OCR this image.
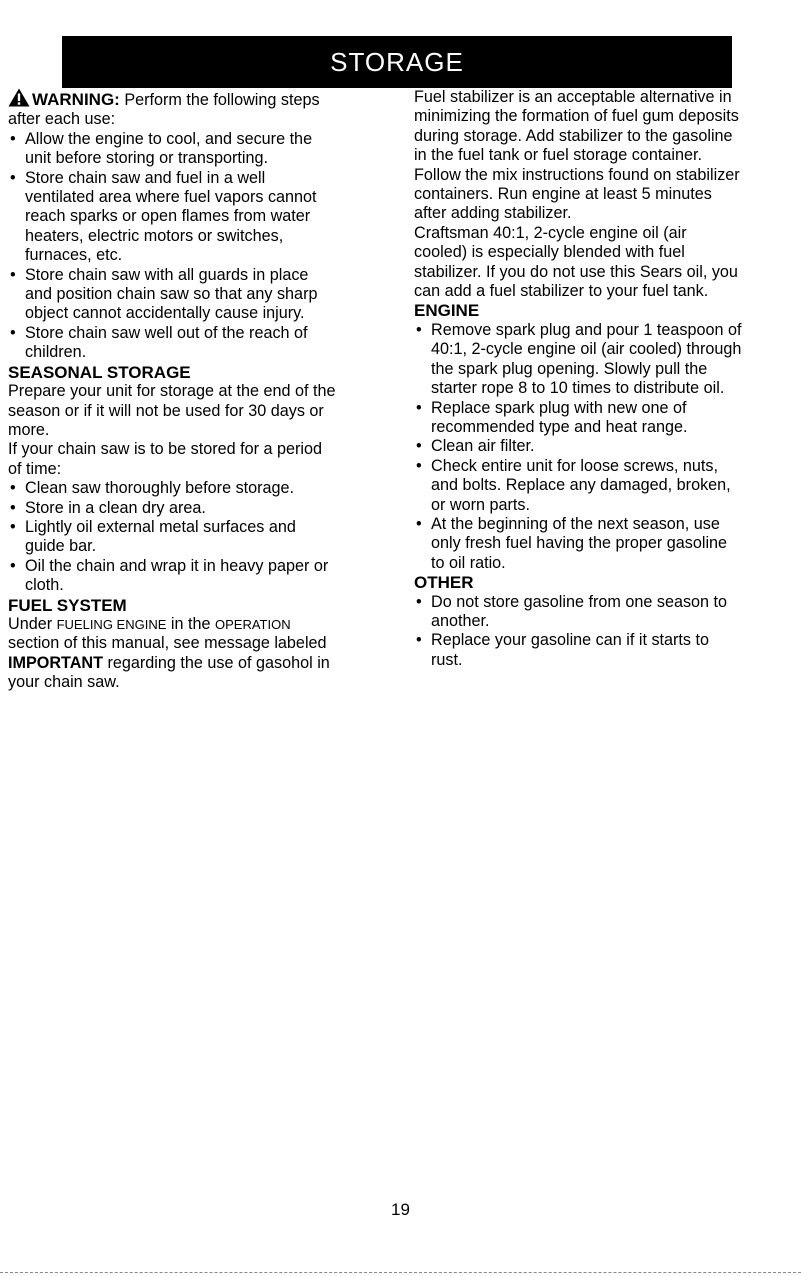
STORAGE

WARNING: Perform the following steps after each use:

• Allow the engine to cool, and secure the unit before storing or transporting.
• Store chain saw and fuel in a well ventilated area where fuel vapors cannot reach sparks or open flames from water heaters, electric motors or switches, furnaces, etc.
• Store chain saw with all guards in place and position chain saw so that any sharp object cannot accidentally cause injury.
• Store chain saw well out of the reach of children.
SEASONAL STORAGE

Prepare your unit for storage at the end of the season or if it will not be used for 30 days or more.

If your chain saw is to be stored for a period of time:

• Clean saw thoroughly before storage.
• Store in a clean dry area.
• Lightly oil external metal surfaces and guide bar.
• Oil the chain and wrap it in heavy paper or cloth.
FUEL SYSTEM

Under FUELING ENGINE in the OPERATION section of this manual, see message labeled IMPORTANT regarding the use of gasohol in your chain saw.

Fuel stabilizer is an acceptable alternative in minimizing the formation of fuel gum deposits during storage. Add stabilizer to the gasoline in the fuel tank or fuel storage container. Follow the mix instructions found on stabilizer containers. Run engine at least 5 minutes after adding stabilizer.

Craftsman 40:1, 2-cycle engine oil (air cooled) is especially blended with fuel stabilizer. If you do not use this Sears oil, you can add a fuel stabilizer to your fuel tank.

ENGINE
• Remove spark plug and pour 1 teaspoon of 40:1, 2-cycle engine oil (air cooled) through the spark plug opening. Slowly pull the starter rope 8 to 10 times to distribute oil.
• Replace spark plug with new one of recommended type and heat range.
• Clean air filter.
• Check entire unit for loose screws, nuts, and bolts. Replace any damaged, broken, or worn parts.
• At the beginning of the next season, use only fresh fuel having the proper gasoline to oil ratio.
OTHER
• Do not store gasoline from one season to another.
• Replace your gasoline can if it starts to rust.
19
